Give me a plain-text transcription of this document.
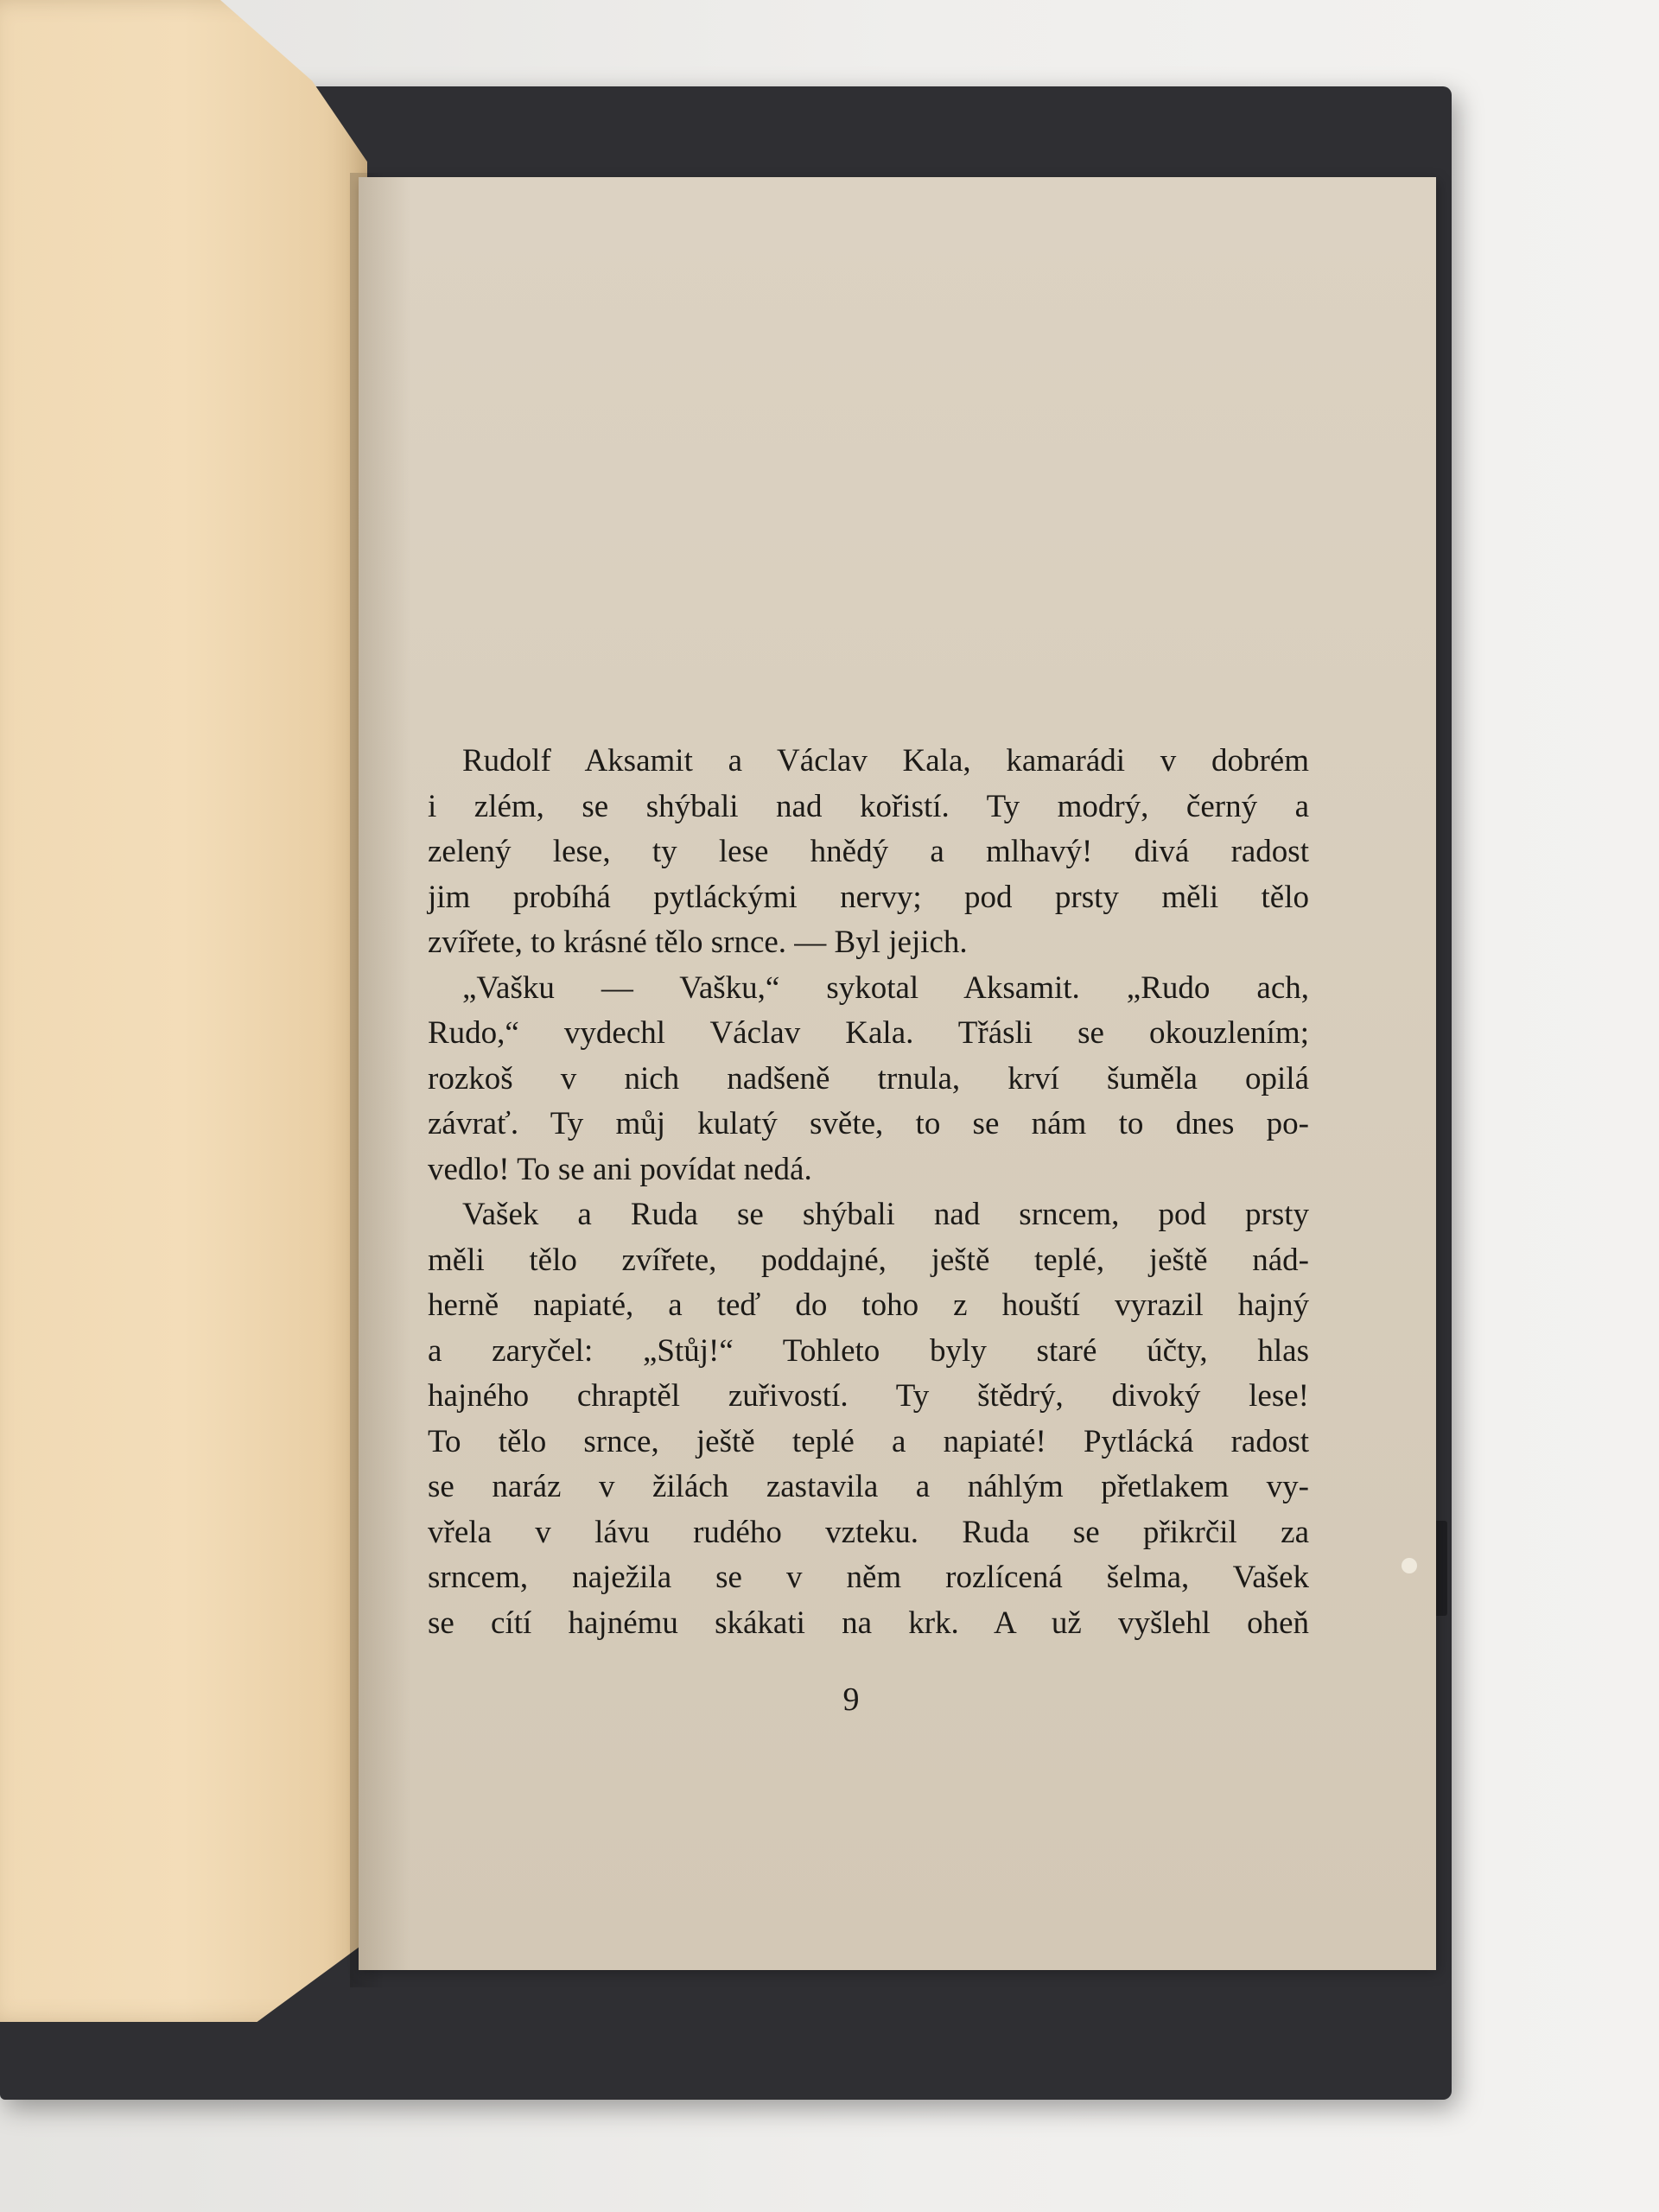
Rudolf Aksamit a Václav Kala, kamarádi v dobrém
i zlém, se shýbali nad kořistí. Ty modrý, černý a
zelený lese, ty lese hnědý a mlhavý! divá radost
jim probíhá pytláckými nervy; pod prsty měli tělo
zvířete, to krásné tělo srnce. — Byl jejich.
„Vašku — Vašku,“ sykotal Aksamit. „Rudo ach,
Rudo,“ vydechl Václav Kala. Třásli se okouzlením;
rozkoš v nich nadšeně trnula, krví šuměla opilá
závrať. Ty můj kulatý světe, to se nám to dnes po-
vedlo! To se ani povídat nedá.
Vašek a Ruda se shýbali nad srncem, pod prsty
měli tělo zvířete, poddajné, ještě teplé, ještě nád-
herně napiaté, a teď do toho z houští vyrazil hajný
a zaryčel: „Stůj!“ Tohleto byly staré účty, hlas
hajného chraptěl zuřivostí. Ty štědrý, divoký lese!
To tělo srnce, ještě teplé a napiaté! Pytlácká radost
se naráz v žilách zastavila a náhlým přetlakem vy-
vřela v lávu rudého vzteku. Ruda se přikrčil za
srncem, naježila se v něm rozlícená šelma, Vašek
se cítí hajnému skákati na krk. A už vyšlehl oheň
9
